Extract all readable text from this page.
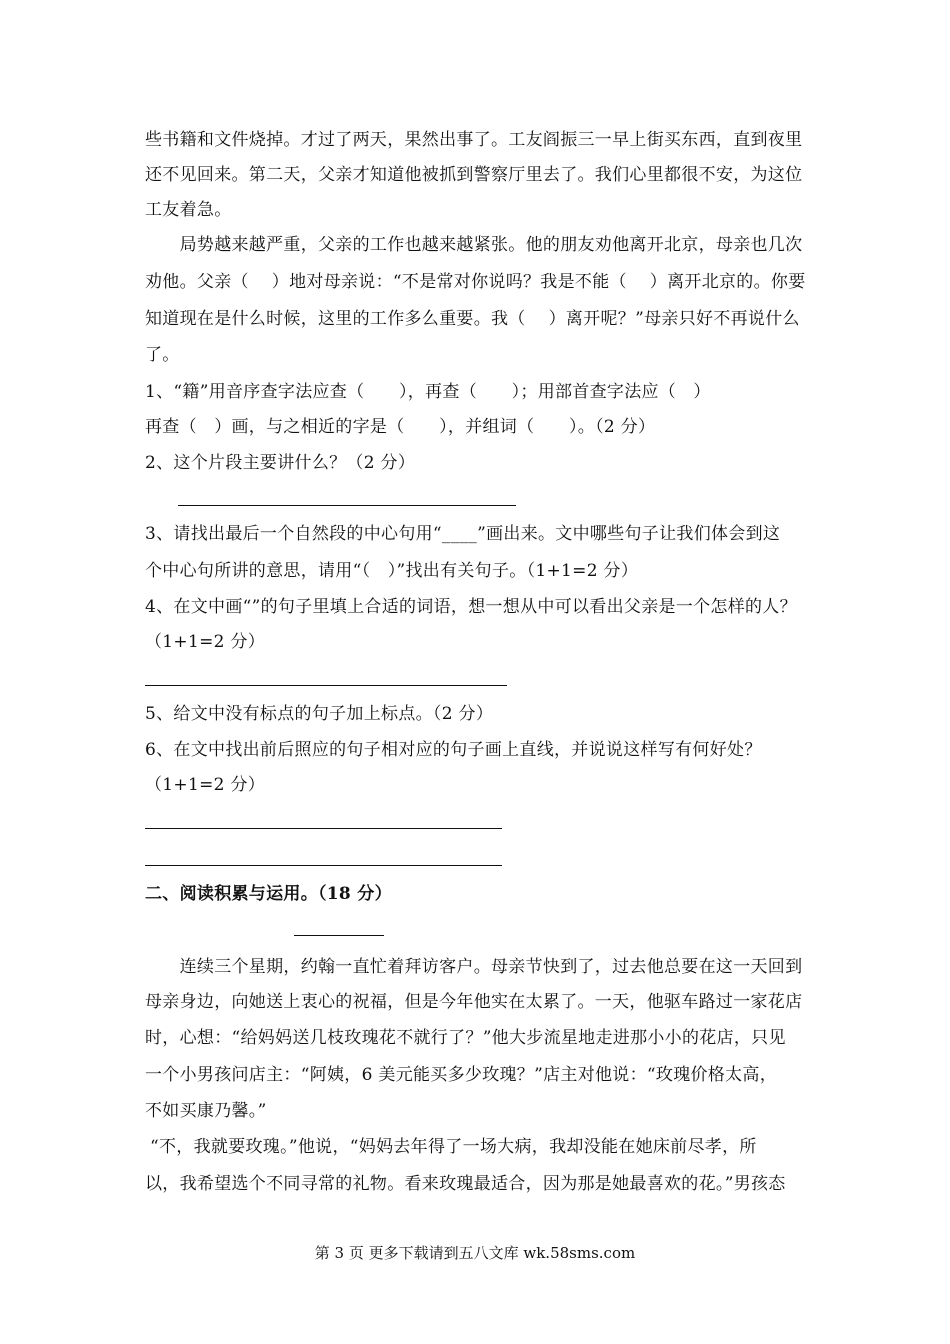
些书籍和文件烧掉。才过了两天，果然出事了。工友阎振三一早上街买东西，直到夜里
还不见回来。第二天，父亲才知道他被抓到警察厅里去了。我们心里都很不安，为这位
工友着急。
　　局势越来越严重，父亲的工作也越来越紧张。他的朋友劝他离开北京，母亲也几次
劝他。父亲（　 ）地对母亲说：“不是常对你说吗？我是不能（　 ）离开北京的。你要
知道现在是什么时候，这里的工作多么重要。我（　 ）离开呢？”母亲只好不再说什么
了。
1、“籍”用音序查字法应查（　　），再查（　　）；用部首查字法应（　）
再查（　）画，与之相近的字是（　　），并组词（　　）。（2 分）
2、这个片段主要讲什么？（2 分）
3、请找出最后一个自然段的中心句用“____”画出来。文中哪些句子让我们体会到这
个中心句所讲的意思，请用“（　）”找出有关句子。（1+1=2 分）
4、在文中画“”的句子里填上合适的词语，想一想从中可以看出父亲是一个怎样的人？
（1+1=2 分）
5、给文中没有标点的句子加上标点。（2 分）
6、在文中找出前后照应的句子相对应的句子画上直线，并说说这样写有何好处？
（1+1=2 分）
二、阅读积累与运用。（18 分）
　　连续三个星期，约翰一直忙着拜访客户。母亲节快到了，过去他总要在这一天回到
母亲身边，向她送上衷心的祝福，但是今年他实在太累了。一天，他驱车路过一家花店
时，心想：“给妈妈送几枝玫瑰花不就行了？”他大步流星地走进那小小的花店，只见
一个小男孩问店主：“阿姨，6 美元能买多少玫瑰？”店主对他说：“玫瑰价格太高，
不如买康乃馨。”
“不，我就要玫瑰。”他说，“妈妈去年得了一场大病，我却没能在她床前尽孝，所
以，我希望选个不同寻常的礼物。看来玫瑰最适合，因为那是她最喜欢的花。”男孩态
第 3 页 更多下载请到五八文库 wk.58sms.com
